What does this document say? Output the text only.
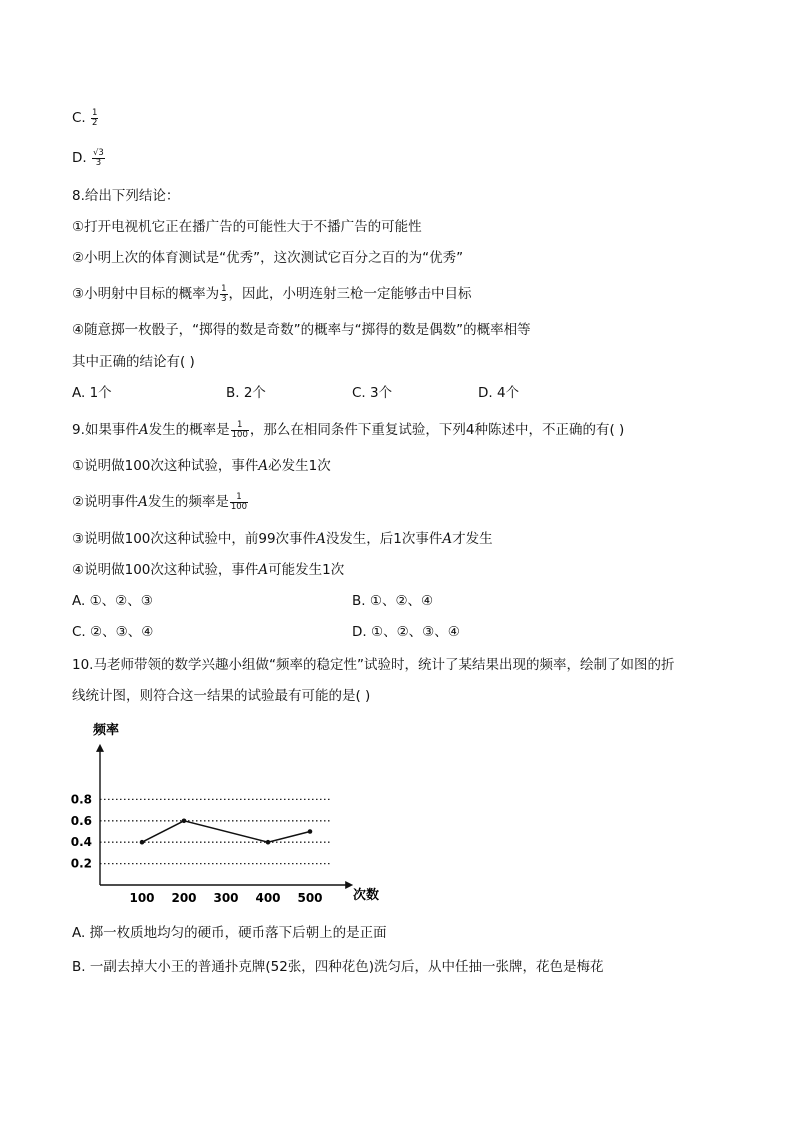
C. $\frac{1}{2}$
D. $\frac{√3}{3}$
8.给出下列结论：
①打开电视机它正在播广告的可能性大于不播广告的可能性
②小明上次的体育测试是“优秀”，这次测试它百分之百的为“优秀”
③小明射中目标的概率为 $\frac{1}{3}$ ，因此，小明连射三枪一定能够击中目标
④随意掷一枚骰子，“掷得的数是奇数”的概率与“掷得的数是偶数”的概率相等
其中正确的结论有( )
A. 1个	B. 2个	C. 3个	D. 4个
9.如果事件A发生的概率是 $\frac{1}{100}$ ，那么在相同条件下重复试验，下列4种陈述中，不正确的有( )
①说明做100次这种试验，事件A必发生1次
②说明事件A发生的频率是 $\frac{1}{100}$
③说明做100次这种试验中，前99次事件A没发生，后1次事件A才发生
④说明做100次这种试验，事件A可能发生1次
A. ①、②、③	B. ①、②、④
C. ②、③、④	D. ①、②、③、④
10.马老师带领的数学兴趣小组做“频率的稳定性”试验时，统计了某结果出现的频率，绘制了如图的折
线统计图，则符合这一结果的试验最有可能的是( )
0.2
0.4
0.6
0.8
100 200 300 400 500
频率
次数
A. 掷一枚质地均匀的硬币，硬币落下后朝上的是正面
B. 一副去掉大小王的普通扑克牌(52张，四种花色)洗匀后，从中任抽一张牌，花色是梅花
